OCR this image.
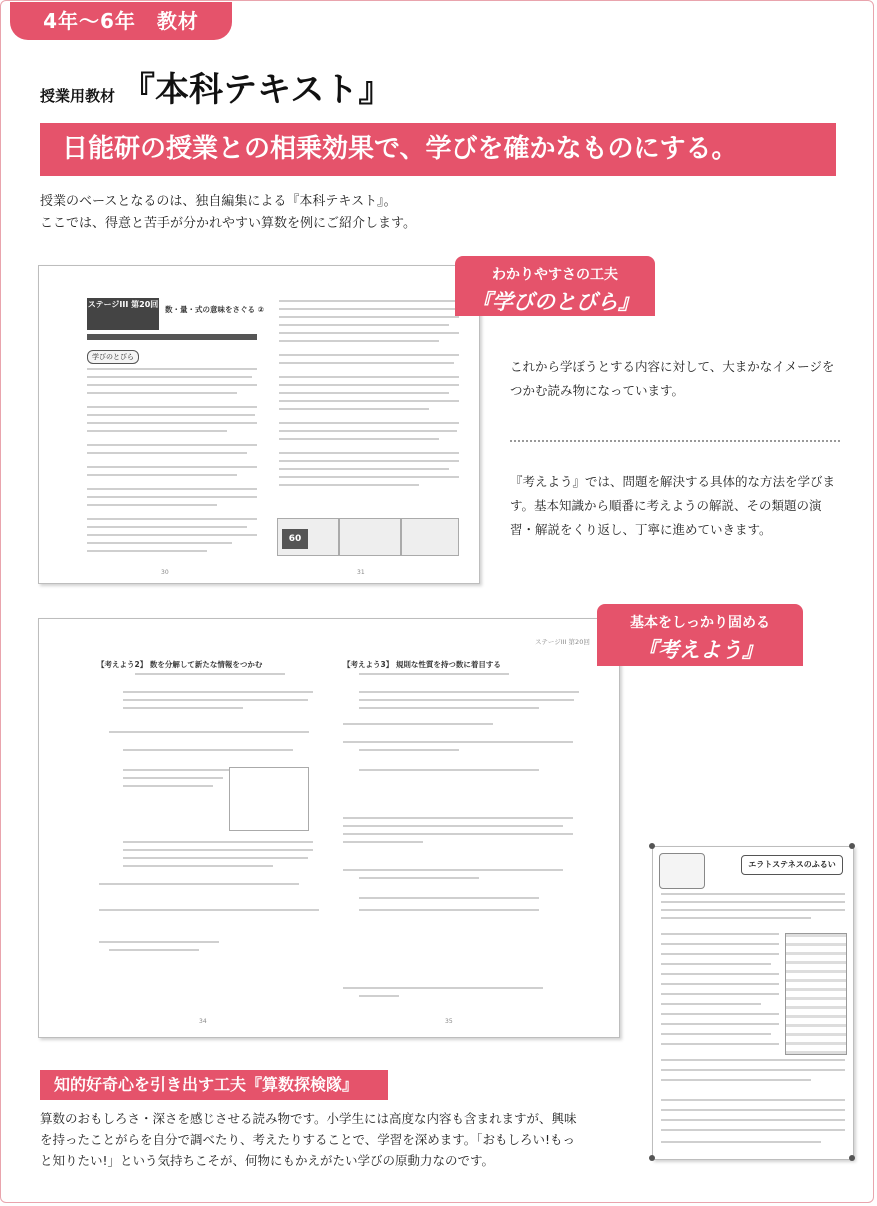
4年〜6年　教材
授業用教材 『本科テキスト』
日能研の授業との相乗効果で、学びを確かなものにする。
授業のベースとなるのは、独自編集による『本科テキスト』。
ここでは、得意と苦手が分かれやすい算数を例にご紹介します。
ステージIII 第20回
数・量・式の意味をさぐる ②
学びのとびら
60
30	31
わかりやすさの工夫
『学びのとびら』
これから学ぼうとする内容に対して、大まかなイメージをつかむ読み物になっています。
『考えよう』では、問題を解決する具体的な方法を学びます。基本知識から順番に考えようの解説、その類題の演習・解説をくり返し、丁寧に進めていきます。
ステージIII 第20回
【考えよう2】 数を分解して新たな情報をつかむ	【考えよう3】 規則な性質を持つ数に着目する
34	35
基本をしっかり固める
『考えよう』
エラトステネスのふるい
知的好奇心を引き出す工夫『算数探検隊』
算数のおもしろさ・深さを感じさせる読み物です。小学生には高度な内容も含まれますが、興味を持ったことがらを自分で調べたり、考えたりすることで、学習を深めます。「おもしろい!もっと知りたい!」という気持ちこそが、何物にもかえがたい学びの原動力なのです。
